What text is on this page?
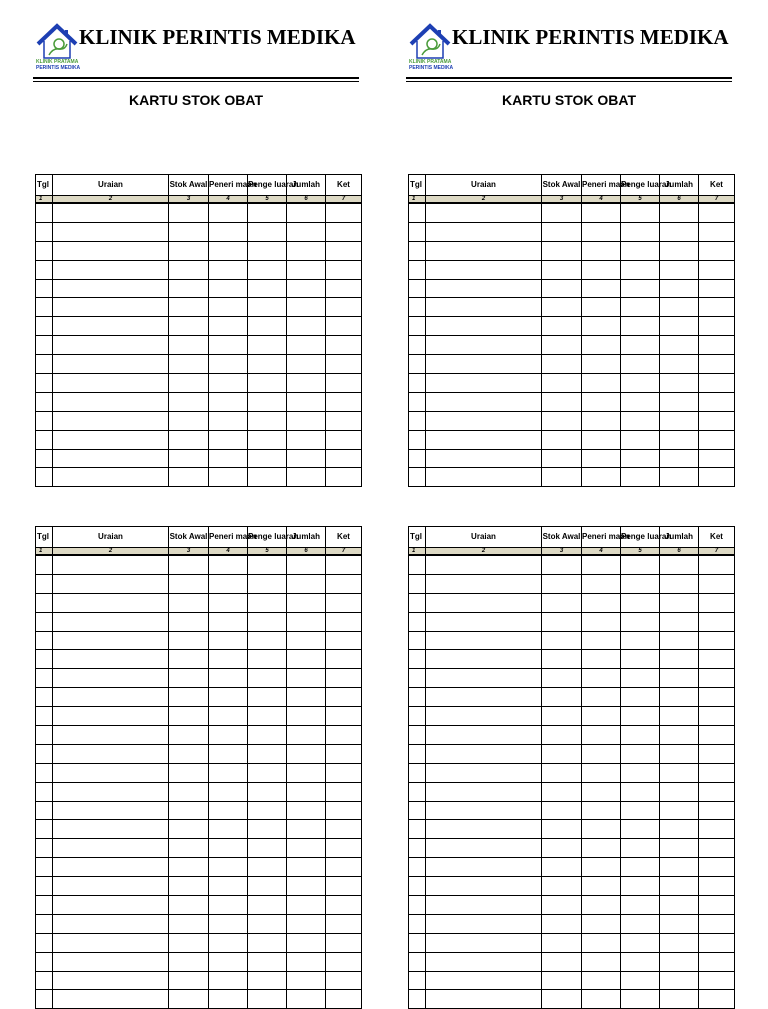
KLINIK PRATAMA
PERINTIS MEDIKA
KLINIK PERINTIS MEDIKA
KLINIK PRATAMA
PERINTIS MEDIKA
KLINIK PERINTIS MEDIKA
KARTU STOK OBAT	KARTU STOK OBAT
Tgl	Uraian	Stok Awal	Peneri maan	Penge luaran	Jumlah	Ket
1	2	3	4	5	6	7

Tgl	Uraian	Stok Awal	Peneri maan	Penge luaran	Jumlah	Ket
1	2	3	4	5	6	7

Tgl	Uraian	Stok Awal	Peneri maan	Penge luaran	Jumlah	Ket
1	2	3	4	5	6	7

Tgl	Uraian	Stok Awal	Peneri maan	Penge luaran	Jumlah	Ket
1	2	3	4	5	6	7
